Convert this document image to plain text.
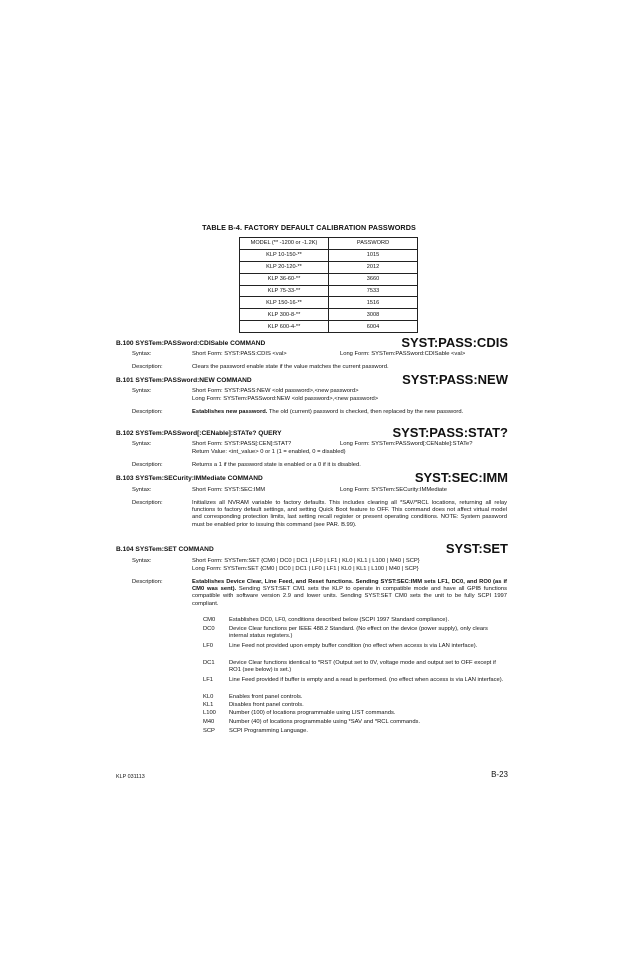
TABLE B-4. FACTORY DEFAULT CALIBRATION PASSWORDS
MODEL (** -1200 or -1.2K)	PASSWORD
KLP 10-150-**	1015
KLP 20-120-**	2012
KLP 36-60-**	3660
KLP 75-33-**	7533
KLP 150-16-**	1516
KLP 300-8-**	3008
KLP 600-4-**	6004
B.100 SYSTem:PASSword:CDISable COMMAND	SYST:PASS:CDIS
Syntax:	Short Form: SYST:PASS:CDIS <val>	Long Form: SYSTem:PASSword:CDISable <val>
Description:	Clears the password enable state if the value matches the current password.
B.101 SYSTem:PASSword:NEW COMMAND	SYST:PASS:NEW
Syntax:	Short Form: SYST:PASS:NEW <old password>,<new password>
Long Form: SYSTem:PASSword:NEW <old password>,<new password>
Description:	Establishes new password. The old (current) password is checked, then replaced by the new password.
B.102 SYSTem:PASSword[:CENable]:STATe? QUERY	SYST:PASS:STAT?
Syntax:	Short Form: SYST:PASS[:CEN]:STAT?	Long Form: SYSTem:PASSword[:CENable]:STATe?
Return Value: <int_value> 0 or 1 (1 = enabled, 0 = disabled)
Description:	Returns a 1 if the password state is enabled or a 0 if it is disabled.
B.103 SYSTem:SECurity:IMMediate COMMAND	SYST:SEC:IMM
Syntax:	Short Form: SYST:SEC:IMM	Long Form: SYSTem:SECurity:IMMediate
Description:	Initializes all NVRAM variable to factory defaults. This includes clearing all *SAV/*RCL locations, returning all relay functions to factory default settings, and setting Quick Boot feature to OFF. This command does not affect virtual model and corresponding protection limits, last setting recall register or present operating conditions. NOTE: System password must be enabled prior to issuing this command (see PAR. B.99).
B.104 SYSTem:SET COMMAND	SYST:SET
Syntax:	Short Form: SYSTem:SET {CM0 | DC0 | DC1 | LF0 | LF1 | KL0 | KL1 | L100 | M40 | SCP}
Long Form: SYSTem:SET {CM0 | DC0 | DC1 | LF0 | LF1 | KL0 | KL1 | L100 | M40 | SCP}
Description:	Establishes Device Clear, Line Feed, and Reset functions. Sending SYST:SEC:IMM sets LF1, DC0, and RO0 (as if CM0 was sent). Sending SYST:SET CM1 sets the KLP to operate in compatible mode and have all GPIB functions compatible with software version 2.9 and lower units. Sending SYST:SET CM0 sets the unit to be fully SCPI 1997 compliant.
CM0	Establishes DC0, LF0, conditions described below (SCPI 1997 Standard compliance).
DC0	Device Clear functions per IEEE 488.2 Standard. (No effect on the device (power supply), only clears internal status registers.)
LF0	Line Feed not provided upon empty buffer condition (no effect when access is via LAN interface).
DC1	Device Clear functions identical to *RST (Output set to 0V, voltage mode and output set to OFF except if RO1 (see below) is set.)
LF1	Line Feed provided if buffer is empty and a read is performed. (no effect when access is via LAN interface).
KL0	Enables front panel controls.
KL1	Disables front panel controls.
L100	Number (100) of locations programmable using LIST commands.
M40	Number (40) of locations programmable using *SAV and *RCL commands.
SCP	SCPI Programming Language.
KLP 031113	B-23
